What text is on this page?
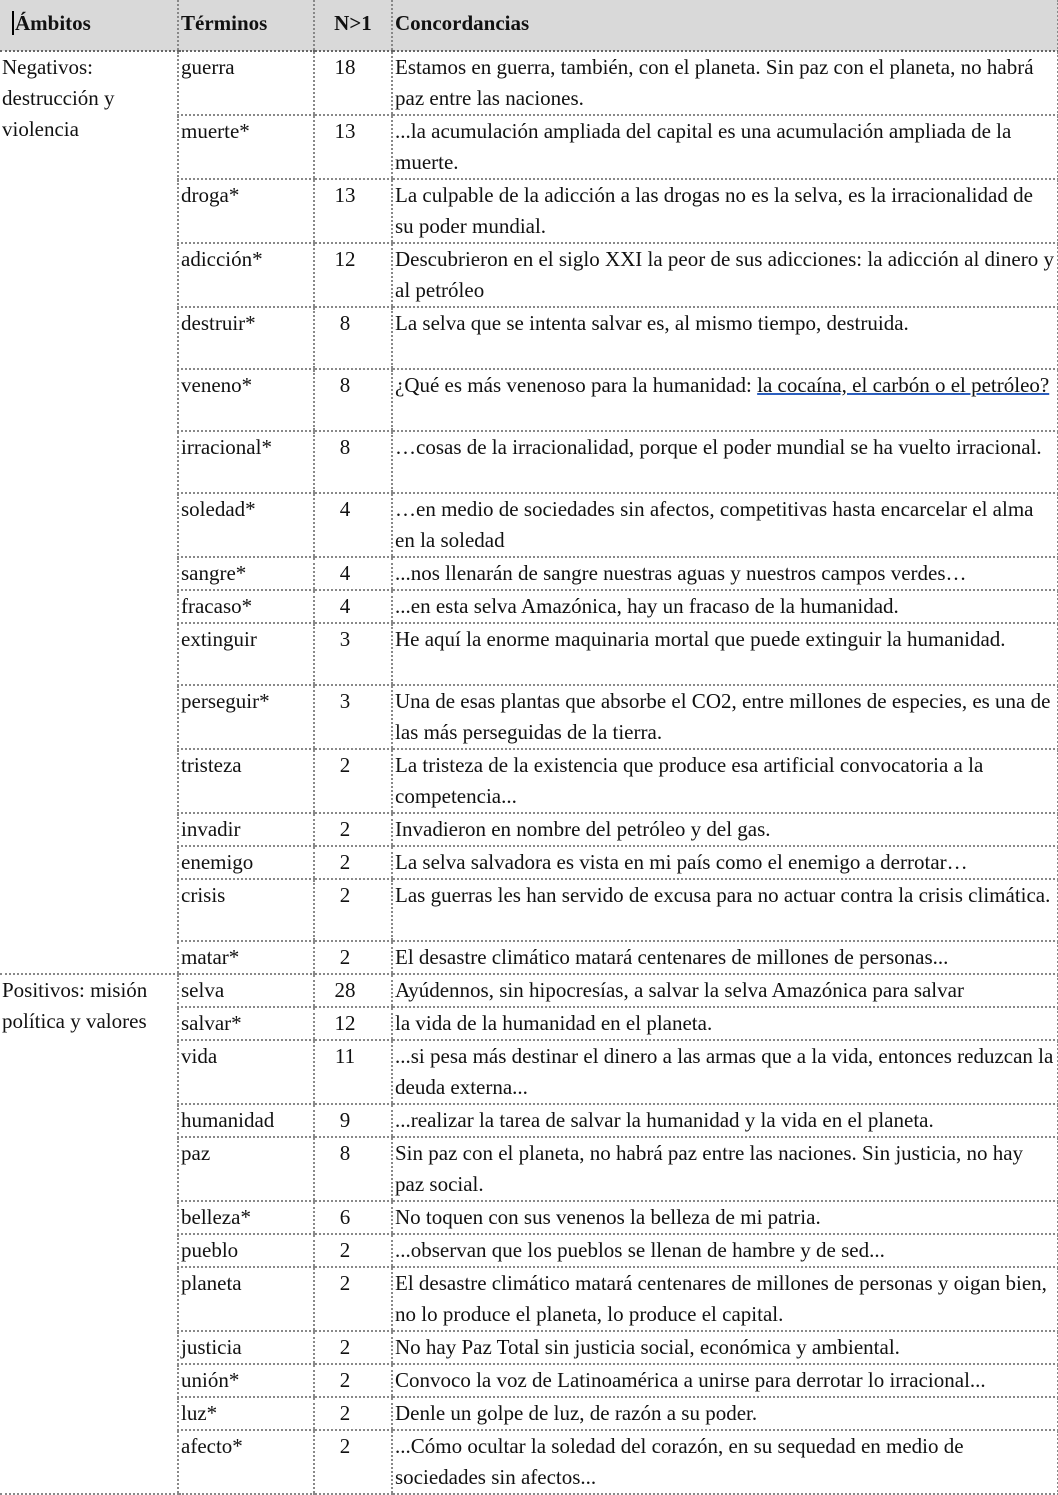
Ámbitos	Términos	N>1	Concordancias
Negativos: destrucción y violencia	guerra	18	Estamos en guerra, también, con el planeta. Sin paz con el planeta, no habrá paz entre las naciones.
	muerte*	13	...la acumulación ampliada del capital es una acumulación ampliada de la muerte.
	droga*	13	La culpable de la adicción a las drogas no es la selva, es la irracionalidad de su poder mundial.
	adicción*	12	Descubrieron en el siglo XXI la peor de sus adicciones: la adicción al dinero y al petróleo
	destruir*	8	La selva que se intenta salvar es, al mismo tiempo, destruida.
	veneno*	8	¿Qué es más venenoso para la humanidad: la cocaína, el carbón o el petróleo?
	irracional*	8	…cosas de la irracionalidad, porque el poder mundial se ha vuelto irracional.
	soledad*	4	…en medio de sociedades sin afectos, competitivas hasta encarcelar el alma en la soledad
	sangre*	4	...nos llenarán de sangre nuestras aguas y nuestros campos verdes…
	fracaso*	4	...en esta selva Amazónica, hay un fracaso de la humanidad.
	extinguir	3	He aquí la enorme maquinaria mortal que puede extinguir la humanidad.
	perseguir*	3	Una de esas plantas que absorbe el CO2, entre millones de especies, es una de las más perseguidas de la tierra.
	tristeza	2	La tristeza de la existencia que produce esa artificial convocatoria a la competencia...
	invadir	2	Invadieron en nombre del petróleo y del gas.
	enemigo	2	La selva salvadora es vista en mi país como el enemigo a derrotar…
	crisis	2	Las guerras les han servido de excusa para no actuar contra la crisis climática.
	matar*	2	El desastre climático matará centenares de millones de personas...
Positivos: misión política y valores	selva	28	Ayúdennos, sin hipocresías, a salvar la selva Amazónica para salvar
	salvar*	12	la vida de la humanidad en el planeta.
	vida	11	...si pesa más destinar el dinero a las armas que a la vida, entonces reduzcan la deuda externa...
	humanidad	9	...realizar la tarea de salvar la humanidad y la vida en el planeta.
	paz	8	Sin paz con el planeta, no habrá paz entre las naciones. Sin justicia, no hay paz social.
	belleza*	6	No toquen con sus venenos la belleza de mi patria.
	pueblo	2	...observan que los pueblos se llenan de hambre y de sed...
	planeta	2	El desastre climático matará centenares de millones de personas y oigan bien, no lo produce el planeta, lo produce el capital.
	justicia	2	No hay Paz Total sin justicia social, económica y ambiental.
	unión*	2	Convoco la voz de Latinoamérica a unirse para derrotar lo irracional...
	luz*	2	Denle un golpe de luz, de razón a su poder.
	afecto*	2	...Cómo ocultar la soledad del corazón, en su sequedad en medio de sociedades sin afectos...
